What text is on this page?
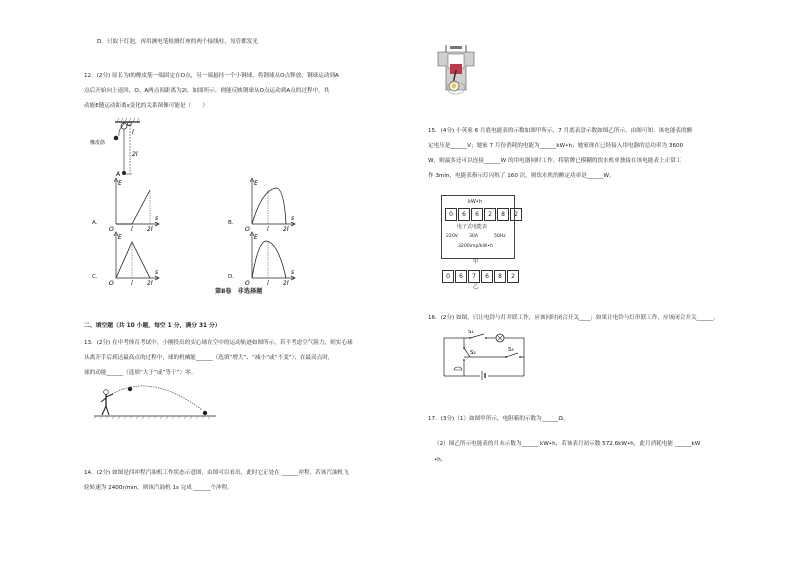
D．只取下灯泡，再用测电笔检测灯座的两个接线柱，氖管都发光
12．(2分) 原长为l的橡皮筋一端固定在O点，另一端悬挂一个小钢球，将钢球从O点释放，钢球运动到A
点后开始向上返回，O、A两点间距离为2l，如图所示。则能反映钢球从O点运动到A点的过程中，其
动能E随运动距离s变化的关系图像可能是（　　）
O
l
2l
A
橡皮筋
E
O	l 2l
s
A．
E
O	l 2l
s
B．
E
O	l 2l
s
C．
E
O	l 2l
s
D．
第Ⅱ卷　非选择题
二、填空题（共 10 小题，每空 1 分，满分 31 分）
13．(2分) 在中考体育考试中，小刚投出的实心球在空中的运动轨迹如图所示，若不考虑空气阻力，则实心球
从离开手后到达最高点的过程中，球的机械能______（选填“增大”、“减小”或“不变”），在最高点时，
球的动能______（选填“大于”或“等于”）零。
14．(2分) 如图是四冲程汽油机工作状态示意图，由图可以看出，此时它正处在 ______冲程，若该汽油机飞
轮转速为 2400r/min，则该汽油机 1s 完成 ______个冲程。
15．(4分) 小英家 6 月底电能表的示数如图甲所示，7 月底表盘示数如图乙所示，由图可知：该电能表的额
定电压是______V；她家 7 月份消耗的电能为______kW•h；她家现在已经接入用电器的总功率为 3600
W，则最多还可以连接______W 的用电器同时工作。将铭牌已模糊的饮水机单独接在该电能表上正常工
作 3min，电能表指示灯闪烁了 160 次，则饮水机的额定功率是______W。
kW•h
0	6	6	2	8	2
电子式电能表
220V 30A	50Hz
3200imp/kW•h
甲
0	6	7	6	8	2
乙
16．(2分) 如图，只让电铃与灯并联工作，应该同时闭合开关____；如果让电铃与灯串联工作，应该闭合开关______。
S₁
S₂	S₃
17．(3分)（1）如图甲所示，电阻箱的示数为______Ω。
（2）图乙所示电能表的月末示数为______ kW•h，若该表月初示数 572.6kW•h，此月消耗电能 ______kW
•h。
